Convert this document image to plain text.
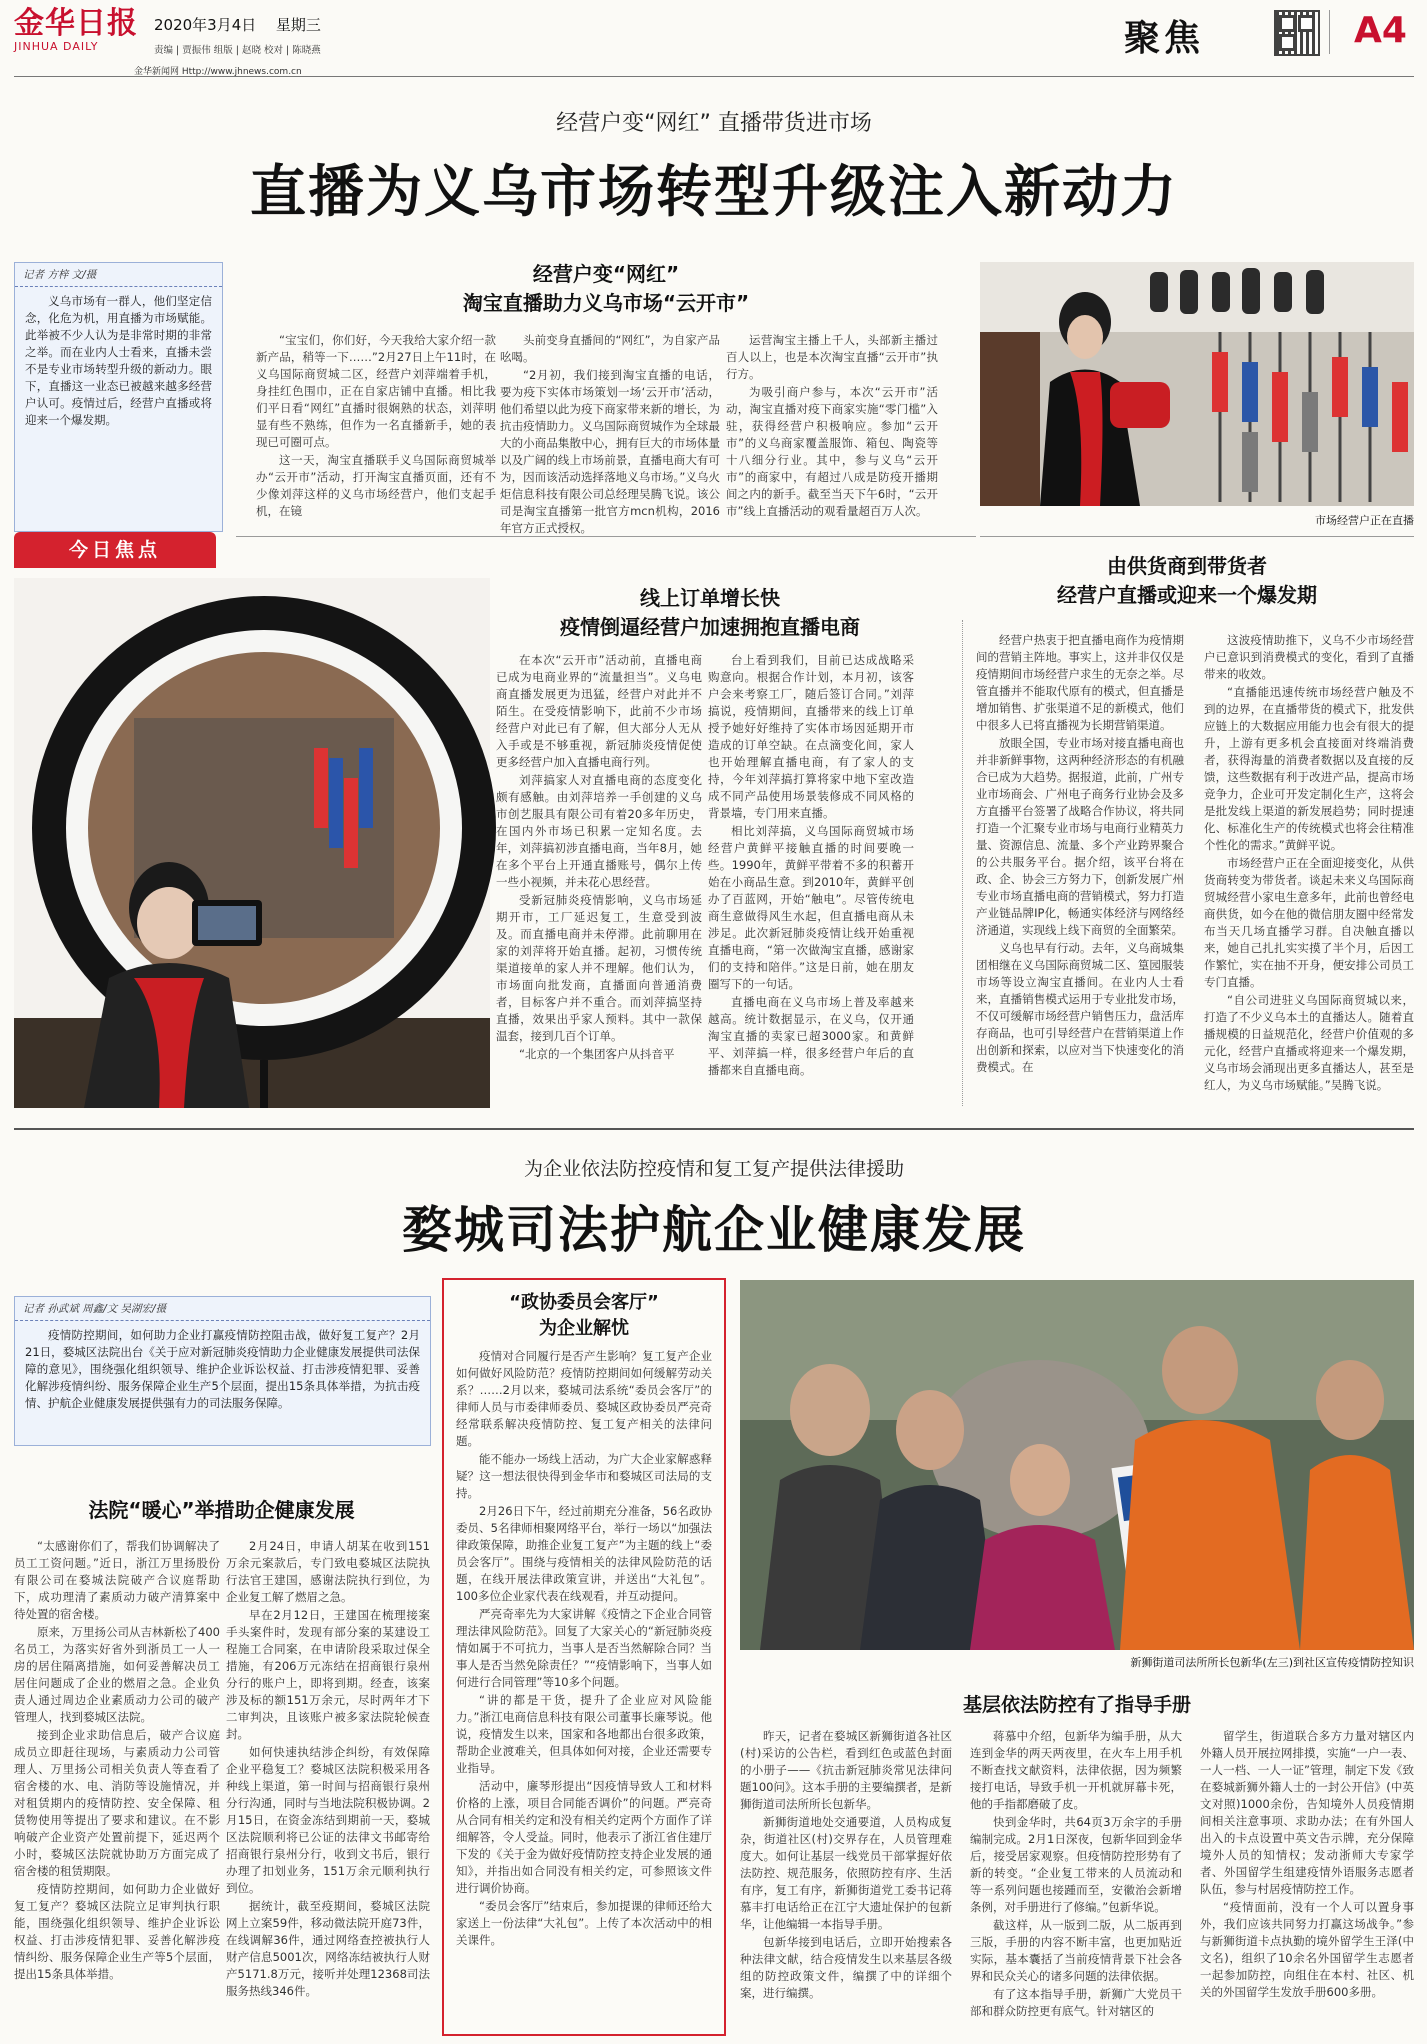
金华日报
JINHUA DAILY
2020年3月4日 星期三
责编 | 贾振伟 组版 | 赵晓 校对 | 陈晓燕
金华新闻网 Http://www.jhnews.com.cn
聚焦	A4
经营户变“网红” 直播带货进市场
直播为义乌市场转型升级注入新动力
记者 方梓 文/摄

义乌市场有一群人，他们坚定信念，化危为机，用直播为市场赋能。此举被不少人认为是非常时期的非常之举。而在业内人士看来，直播未尝不是专业市场转型升级的新动力。眼下，直播这一业态已被越来越多经营户认可。疫情过后，经营户直播或将迎来一个爆发期。

今日焦点
经营户变“网红”
淘宝直播助力义乌市场“云开市”

“宝宝们，你们好，今天我给大家介绍一款新产品，稍等一下……”2月27日上午11时，在义乌国际商贸城二区，经营户刘萍端着手机，身挂红色围巾，正在自家店铺中直播。相比我们平日看“网红”直播时很娴熟的状态，刘萍明显有些不熟练，但作为一名直播新手，她的表现已可圈可点。

这一天，淘宝直播联手义乌国际商贸城举办“云开市”活动，打开淘宝直播页面，还有不少像刘萍这样的义乌市场经营户，他们支起手机，在镜

头前变身直播间的“网红”，为自家产品吆喝。

“2月初，我们接到淘宝直播的电话，要为疫下实体市场策划一场‘云开市’活动，他们希望以此为疫下商家带来新的增长，为抗击疫情助力。义乌国际商贸城作为全球最大的小商品集散中心，拥有巨大的市场体量以及广阔的线上市场前景，直播电商大有可为，因而该活动选择落地义乌市场。”义乌火炬信息科技有限公司总经理吴腾飞说。该公司是淘宝直播第一批官方mcn机构，2016年官方正式授权。

运营淘宝主播上千人，头部新主播过百人以上，也是本次淘宝直播“云开市”执行方。

为吸引商户参与，本次“云开市”活动，淘宝直播对疫下商家实施“零门槛”入驻，获得经营户积极响应。参加“云开市”的义乌商家覆盖服饰、箱包、陶瓷等十八细分行业。其中，参与义乌“云开市”的商家中，有超过八成是防疫开播期间之内的新手。截至当天下午6时，“云开市”线上直播活动的观看量超百万人次。

市场经营户正在直播
线上订单增长快
疫情倒逼经营户加速拥抱直播电商

在本次“云开市”活动前，直播电商已成为电商业界的“流量担当”。义乌电商直播发展更为迅猛，经营户对此并不陌生。在受疫情影响下，此前不少市场经营户对此已有了解，但大部分人无从入手或是不够重视，新冠肺炎疫情促使更多经营户加入直播电商行列。

刘萍搞家人对直播电商的态度变化颇有感触。由刘萍培养一手创建的义乌市创艺服具有限公司有着20多年历史，在国内外市场已积累一定知名度。去年，刘萍搞初涉直播电商，当年8月，她在多个平台上开通直播账号，偶尔上传一些小视频，并未花心思经营。

受新冠肺炎疫情影响，义乌市场延期开市，工厂延迟复工，生意受到波及。而直播电商并未停滞。此前聊用在家的刘萍将开始直播。起初，习惯传统渠道接单的家人并不理解。他们认为，市场面向批发商，直播面向普通消费者，目标客户并不重合。而刘萍搞坚持直播，效果出乎家人预料。其中一款保温套，接到几百个订单。

“北京的一个集团客户从抖音平

台上看到我们，目前已达成战略采购意向。根据合作计划，本月初，该客户会来考察工厂，随后签订合同。”刘萍搞说，疫情期间，直播带来的线上订单授予她好好维持了实体市场因延期开市造成的订单空缺。在点滴变化间，家人也开始理解直播电商，有了家人的支持，今年刘萍搞打算将家中地下室改造成不同产品使用场景装修成不同风格的背景墙，专门用来直播。

相比刘萍搞，义乌国际商贸城市场经营户黄鲜平接触直播的时间要晚一些。1990年，黄鲜平带着不多的积蓄开始在小商品生意。到2010年，黄鲜平创办了百蓝网，开始“触电”。尽管传统电商生意做得风生水起，但直播电商从未涉足。此次新冠肺炎疫情让线开始重视直播电商，“第一次做淘宝直播，感谢家们的支持和陪伴。”这是日前，她在朋友圈写下的一句话。

直播电商在义乌市场上普及率越来越高。统计数据显示，在义乌，仅开通淘宝直播的卖家已超3000家。和黄鲜平、刘萍搞一样，很多经营户年后的直播都来自直播电商。

由供货商到带货者
经营户直播或迎来一个爆发期

经营户热衷于把直播电商作为疫情期间的营销主阵地。事实上，这并非仅仅是疫情期间市场经营户求生的无奈之举。尽管直播并不能取代原有的模式，但直播是增加销售、扩张渠道不足的新模式，他们中很多人已将直播视为长期营销渠道。

放眼全国，专业市场对接直播电商也并非新鲜事物，这两种经济形态的有机融合已成为大趋势。据报道，此前，广州专业市场商会、广州电子商务行业协会及多方直播平台签署了战略合作协议，将共同打造一个汇聚专业市场与电商行业精英力量、资源信息、流量、多个产业跨界聚合的公共服务平台。据介绍，该平台将在政、企、协会三方努力下，创新发展广州专业市场直播电商的营销模式，努力打造产业链品牌IP化，畅通实体经济与网络经济通道，实现线上线下商贸的全面繁荣。

义乌也早有行动。去年，义乌商城集团相继在义乌国际商贸城二区、篁园服装市场等设立淘宝直播间。在业内人士看来，直播销售模式运用于专业批发市场，不仅可缓解市场经营户销售压力，盘活库存商品，也可引导经营户在营销渠道上作出创新和探索，以应对当下快速变化的消费模式。在

这波疫情助推下，义乌不少市场经营户已意识到消费模式的变化，看到了直播带来的收效。

“直播能迅速传统市场经营户触及不到的边界，在直播带货的模式下，批发供应链上的大数据应用能力也会有很大的提升，上游有更多机会直接面对终端消费者，获得海量的消费者数据以及直接的反馈，这些数据有利于改进产品，提高市场竞争力，企业可开发定制化生产，这将会是批发线上渠道的新发展趋势；同时提速化、标准化生产的传统模式也将会往精准个性化的需求。”黄鲜平说。

市场经营户正在全面迎接变化，从供货商转变为带货者。谈起未来义乌国际商贸城经营小家电生意多年，此前也曾经电商供货，如今在他的微信朋友圈中经常发布当天几场直播学习群。自决触直播以来，她自己扎扎实实摸了半个月，后因工作繁忙，实在抽不开身，便安排公司员工专门直播。

“自公司进驻义乌国际商贸城以来，打造了不少义乌本土的直播达人。随着直播规模的日益规范化，经营户价值观的多元化，经营户直播或将迎来一个爆发期，义乌市场会涌现出更多直播达人，甚至是红人，为义乌市场赋能。”吴腾飞说。

为企业依法防控疫情和复工复产提供法律援助
婺城司法护航企业健康发展
记者 孙武斌 周鑫/文 吴湖宏/摄

疫情防控期间，如何助力企业打赢疫情防控阻击战，做好复工复产？2月21日，婺城区法院出台《关于应对新冠肺炎疫情助力企业健康发展提供司法保障的意见》，围绕强化组织领导、维护企业诉讼权益、打击涉疫情犯罪、妥善化解涉疫情纠纷、服务保障企业生产5个层面，提出15条具体举措，为抗击疫情、护航企业健康发展提供强有力的司法服务保障。

法院“暖心”举措助企健康发展

“太感谢你们了，帮我们协调解决了员工工资问题。”近日，浙江万里扬股份有限公司在婺城法院破产合议庭帮助下，成功理清了素质动力破产清算案中待处置的宿舍楼。

原来，万里扬公司从吉林新松了400名员工，为落实好省外到浙员工一人一房的居住隔离措施，如何妥善解决员工居住问题成了企业的燃眉之急。企业负责人通过周边企业素质动力公司的破产管理人，找到婺城区法院。

接到企业求助信息后，破产合议庭成员立即赶往现场，与素质动力公司管理人、万里扬公司相关负责人等查看了宿舍楼的水、电、消防等设施情况，并对租赁期内的疫情防控、安全保障、租赁物使用等提出了要求和建议。在不影响破产企业资产处置前提下，延迟两个小时，婺城区法院就协助万方面完成了宿舍楼的租赁期限。

疫情防控期间，如何助力企业做好复工复产？婺城区法院立足审判执行职能，围绕强化组织领导、维护企业诉讼权益、打击涉疫情犯罪、妥善化解涉疫情纠纷、服务保障企业生产等5个层面，提出15条具体举措。

2月24日，申请人胡某在收到151万余元案款后，专门致电婺城区法院执行法官王建国，感谢法院执行到位，为企业复工解了燃眉之急。

早在2月12日，王建国在梳理接案手头案件时，发现有部分案的某建设工程施工合同案，在申请阶段采取过保全措施，有206万元冻结在招商银行泉州分行的账户上，即将到期。经查，该案涉及标的额151万余元，尽时两年才下二审判决，且该账户被多家法院轮候查封。

如何快速执结涉企纠纷，有效保障企业平稳复工？婺城区法院积极采用各种线上渠道，第一时间与招商银行泉州分行沟通，同时与当地法院积极协调。2月15日，在资金冻结到期前一天，婺城区法院顺利将已公证的法律文书邮寄给招商银行泉州分行，收到文书后，银行办理了扣划业务，151万余元顺利执行到位。

据统计，截至疫期间，婺城区法院网上立案59件，移动微法院开庭73件，在线调解36件，通过网络查控被执行人财产信息5001次，网络冻结被执行人财产5171.8万元，接听并处理12368司法服务热线346件。

“政协委员会客厅”
为企业解忧

疫情对合同履行是否产生影响？复工复产企业如何做好风险防范？疫情防控期间如何缓解劳动关系？……2月以来，婺城司法系统“委员会客厅”的律师人员与市委律师委员、婺城区政协委员严亮奇经常联系解决疫情防控、复工复产相关的法律问题。

能不能办一场线上活动，为广大企业家解惑释疑？这一想法很快得到金华市和婺城区司法局的支持。

2月26日下午，经过前期充分准备，56名政协委员、5名律师相聚网络平台，举行一场以“加强法律政策保障，助推企业复工复产”为主题的线上“委员会客厅”。围绕与疫情相关的法律风险防范的话题，在线开展法律政策宣讲，并送出“大礼包”。100多位企业家代表在线观看，并互动提问。

严亮奇率先为大家讲解《疫情之下企业合同管理法律风险防范》。回复了大家关心的“新冠肺炎疫情如属于不可抗力，当事人是否当然解除合同？当事人是否当然免除责任？”“疫情影响下，当事人如何进行合同管理”等10多个问题。

“讲的都是干货，提升了企业应对风险能力。”浙江电商信息科技有限公司董事长廉琴说。他说，疫情发生以来，国家和各地都出台很多政策，帮助企业渡难关，但具体如何对接，企业还需要专业指导。

活动中，廉琴形提出“因疫情导致人工和材料价格的上涨，项目合同能否调价”的问题。严亮奇从合同有相关约定和没有相关约定两个方面作了详细解答，令人受益。同时，他表示了浙江省住建厅下发的《关于金为做好疫情防控支持企业发展的通知》，并指出如合同没有相关约定，可参照该文件进行调价协商。

“委员会客厅”结束后，参加提课的律师还给大家送上一份法律“大礼包”。上传了本次活动中的相关课件。

新狮街道司法所所长包新华(左三)到社区宣传疫情防控知识
基层依法防控有了指导手册

昨天，记者在婺城区新狮街道各社区(村)采访的公告栏，看到红色或蓝色封面的小册子——《抗击新冠肺炎常见法律问题100问》。这本手册的主要编撰者，是新狮街道司法所所长包新华。

新狮街道地处交通要道，人员构成复杂，街道社区(村)交界存在，人员管理难度大。如何让基层一线党员干部掌握好依法防控、规范服务，依照防控有序、生活有序，复工有序，新狮街道党工委书记蒋慕丰打电话给正在江宁大遗址保护的包新华，让他编辑一本指导手册。

包新华接到电话后，立即开始搜索各种法律文献，结合疫情发生以来基层各级组的防控政策文件，编撰了中的详细个案，进行编撰。

蒋慕中介绍，包新华为编手册，从大连到金华的两天两夜里，在火车上用手机不断查找文献资料，法律依据，因为频繁接打电话，导致手机一开机就屏幕卡死，他的手指都磨破了皮。

快到金华时，共64页3万余字的手册编制完成。2月1日深夜，包新华回到金华后，接受居家观察。但疫情防控形势有了新的转变。“企业复工带来的人员流动和等一系列问题也接踵而至，安徽治会新增条例，对手册进行了修编。”包新华说。

截这样，从一版到二版，从二版再到三版，手册的内容不断丰富，也更加贴近实际，基本囊括了当前疫情背景下社会各界和民众关心的诸多问题的法律依据。

有了这本指导手册，新狮广大党员干部和群众防控更有底气。针对辖区的

留学生，街道联合多方力量对辖区内外籍人员开展拉网排摸，实施“一户一表、一人一档、一人一证”管理，制定下发《致在婺城新狮外籍人士的一封公开信》(中英文对照)1000余份，告知境外人员疫情期间相关注意事项、求助办法；在有外国人出入的卡点设置中英文告示牌，充分保障境外人员的知情权；发动浙师大专家学者、外国留学生组建疫情外语服务志愿者队伍，参与村居疫情防控工作。

“疫情面前，没有一个人可以置身事外，我们应该共同努力打赢这场战争。”参与新狮街道卡点执勤的境外留学生王泽(中文名)，组织了10余名外国留学生志愿者一起参加防控，向组住在本村、社区、机关的外国留学生发放手册600多册。
